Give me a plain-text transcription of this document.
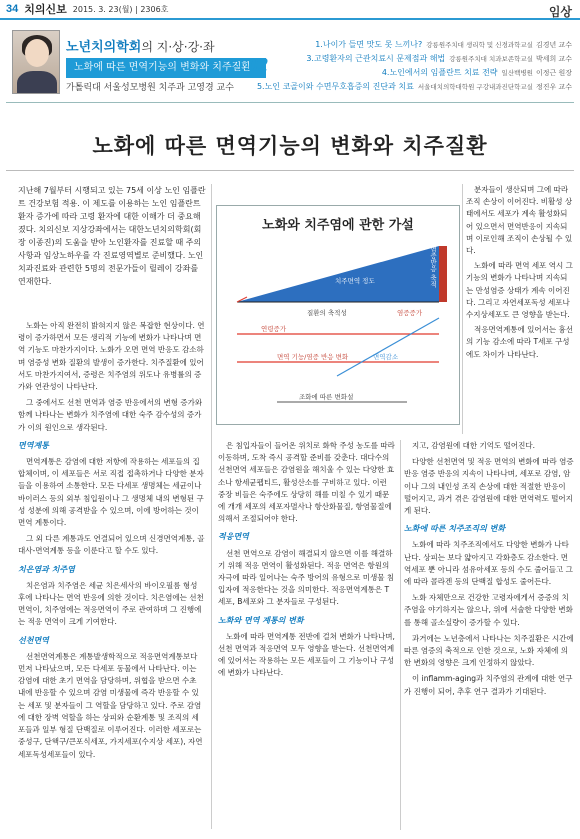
34 치의신보 2015. 3. 23(월) | 2306호	임상
노년치의학회의 지·상·강·좌
노화에 따른 면역기능의 변화와 치주질환
02
가톨릭대 서울성모병원 치주과 고영경 교수
1.나이가 들면 맛도 못 느끼나? 강릉원주치대 생리학 및 신경과학교실 김경년 교수
3.고령환자의 근관치료시 문제점과 해법 강릉원주치대 치과보존학교실 박세희 교수
4.노인에서의 임플란트 치료 전략 일산백병원 이정근 원장
5.노인 코골이와 수면무호흡증의 진단과 치료 서울대치의학대학원 구강내과진단학교실 정진우 교수
노화에 따른 면역기능의 변화와 치주질환
지난해 7월부터 시행되고 있는 75세 이상 노인 임플란트 건강보험 적용. 이 제도를 이용하는 노인 임플란트 환자 증가에 따라 고령 환자에 대한 이해가 더 중요해졌다. 치의신보 지상강좌에서는 대한노년치의학회(회장 이종진)의 도움을 받아 노인환자를 진료할 때 주의사항과 임상노하우를 각 진료영역별로 준비했다. 노인 치과진료와 관련한 5명의 전문가들이 릴레이 강좌를 연재한다.
노화와 치주염에 관한 가설
염증반응 축적
치주면역 정도
질환의 축적성	염증증가
연령증가
면역 기능/염증 반응 변화	면역감소
조화에 따른 변화설

분자들이 생산되며 그에 따라 조직 손상이 이어진다. 비활성 상태에서도 세포가 계속 활성화되어 있으면서 면역반응이 지속되며 이로인해 조직이 손상될 수 있다.

노화에 따라 면역 세포 역시 그 기능의 변화가 나타나며 지속되는 만성염증 상태가 계속 이어진다. 그리고 자연세포독성 세포나 수지상세포도 큰 영향을 받는다.

적응면역계통에 있어서는 흉선의 기능 감소에 따라 T세포 구성에도 차이가 나타난다.

노화는 아직 완전히 밝혀지지 않은 복잡한 현상이다. 연령이 증가하면서 모든 생리적 기능에 변화가 나타나며 면역 기능도 마찬가지이다. 노화가 오면 면역 반응도 감소하며 염증성 변화 질환의 발생이 증가한다. 치주질환에 있어서도 마찬가지여서, 증령은 치주염의 위도나 유병률의 증가와 연관성이 나타난다.

그 중에서도 선천 면역과 염증 반응에서의 변형 증가와 함께 나타나는 변화가 치주염에 대한 숙주 감수성의 증가가 이의 원인으로 생각된다.

면역계통

면역계통은 감염에 대한 저항에 작용하는 세포들의 집합체이며, 이 세포들은 서로 직접 접촉하거나 다양한 분자들을 이용하여 소통한다. 모든 다세포 생명체는 세균이나 바이러스 등의 외부 침입원이나 그 생명체 내의 변형된 구성 성분에 의해 공격받을 수 있으며, 이에 방어하는 것이 면역 계통이다.

그 외 다른 계통과도 연결되어 있으며 신경면역계통, 골대사-면역계통 등을 이룬다고 할 수도 있다.

치은염과 치주염

치은염과 치주염은 세균 치은세사의 바이오필름 형성 후에 나타나는 면역 반응에 의한 것이다. 치은염에는 선천 면역이, 치주염에는 적응면역이 주로 관여하며 그 진행에는 적응 면역이 크게 기여한다.

선천면역

선천면역계통은 계통발생학적으로 적응면역계통보다 먼저 나타났으며, 모든 다세포 동물에서 나타난다. 이는 감염에 대한 초기 면역을 담당하며, 위협을 받으면 수초 내에 반응할 수 있으며 감염 미생물에 즉각 반응할 수 있는 세포 및 분자들이 그 역할을 담당하고 있다. 주로 감염에 대한 장벽 역할을 하는 상피와 순환계통 및 조직의 세포들과 일부 형질 단백질로 이루어진다. 이러한 세포로는 중성구, 단핵구/큰포식세포, 가지세포(수지상 세포), 자연세포독성세포들이 있다.

은 침입자들이 들어온 위치로 화학 주성 농도를 따라 이동하며, 도착 즉시 공격할 준비를 갖춘다. 대다수의 선천면역 세포들은 감염원을 해치울 수 있는 다양한 효소나 항세균펩티드, 활성산소를 구비하고 있다. 이런 중장 비들은 숙주에도 상당히 해를 미칠 수 있기 때문에 개개 세포의 세포자멸사나 항산화물질, 항염물질에 의해서 조절되어야 한다.

적응면역

선천 면역으로 감염이 해결되지 않으면 이를 해결하기 위해 적응 면역이 활성화된다. 적응 면역은 항원의 자극에 따라 일어나는 숙주 방어의 유형으로 미생물 침입자에 적응한다는 것을 의미한다. 적응면역계통은 T세포, B세포와 그 분자들로 구성된다.

노화와 면역 계통의 변화

노화에 따라 면역계통 전반에 걸쳐 변화가 나타나며, 선천 면역과 적응면역 모두 영향을 받는다. 선천면역계에 있어서는 작용하는 모든 세포들이 그 기능이나 구성에 변화가 나타난다.

지고, 감염원에 대한 기억도 떨어진다.

다양한 선천면역 및 적응 면역의 변화에 따라 염증 반응 염증 반응의 지속이 나타나며, 세포로 감염, 암이나 그의 내인성 조직 손상에 대한 적절한 반응이 떨어지고, 과거 겪은 감염원에 대한 면역력도 떨어지게 된다.

노화에 따른 치주조직의 변화

노화에 따라 치주조직에서도 다양한 변화가 나타난다. 상피는 보다 얇아지고 각화층도 감소한다. 면역세포 뿐 아니라 섬유아세포 등의 수도 줄어들고 그에 따라 콜라겐 등의 단백질 합성도 줄어든다.

노화 자체만으로 건강한 고령자에게서 증증의 치주염을 야기하지는 않으나, 위에 서술한 다양한 변화를 통해 골소실량이 증가할 수 있다.

과거에는 노년층에서 나타나는 치주질환은 시간에 따른 염증의 축적으로 인한 것으로, 노화 자체에 의한 변화의 영향은 크게 인정하지 않았다.

이 inflamm-aging과 치주염의 관계에 대한 연구가 진행이 되어, 추후 연구 결과가 기대된다.
